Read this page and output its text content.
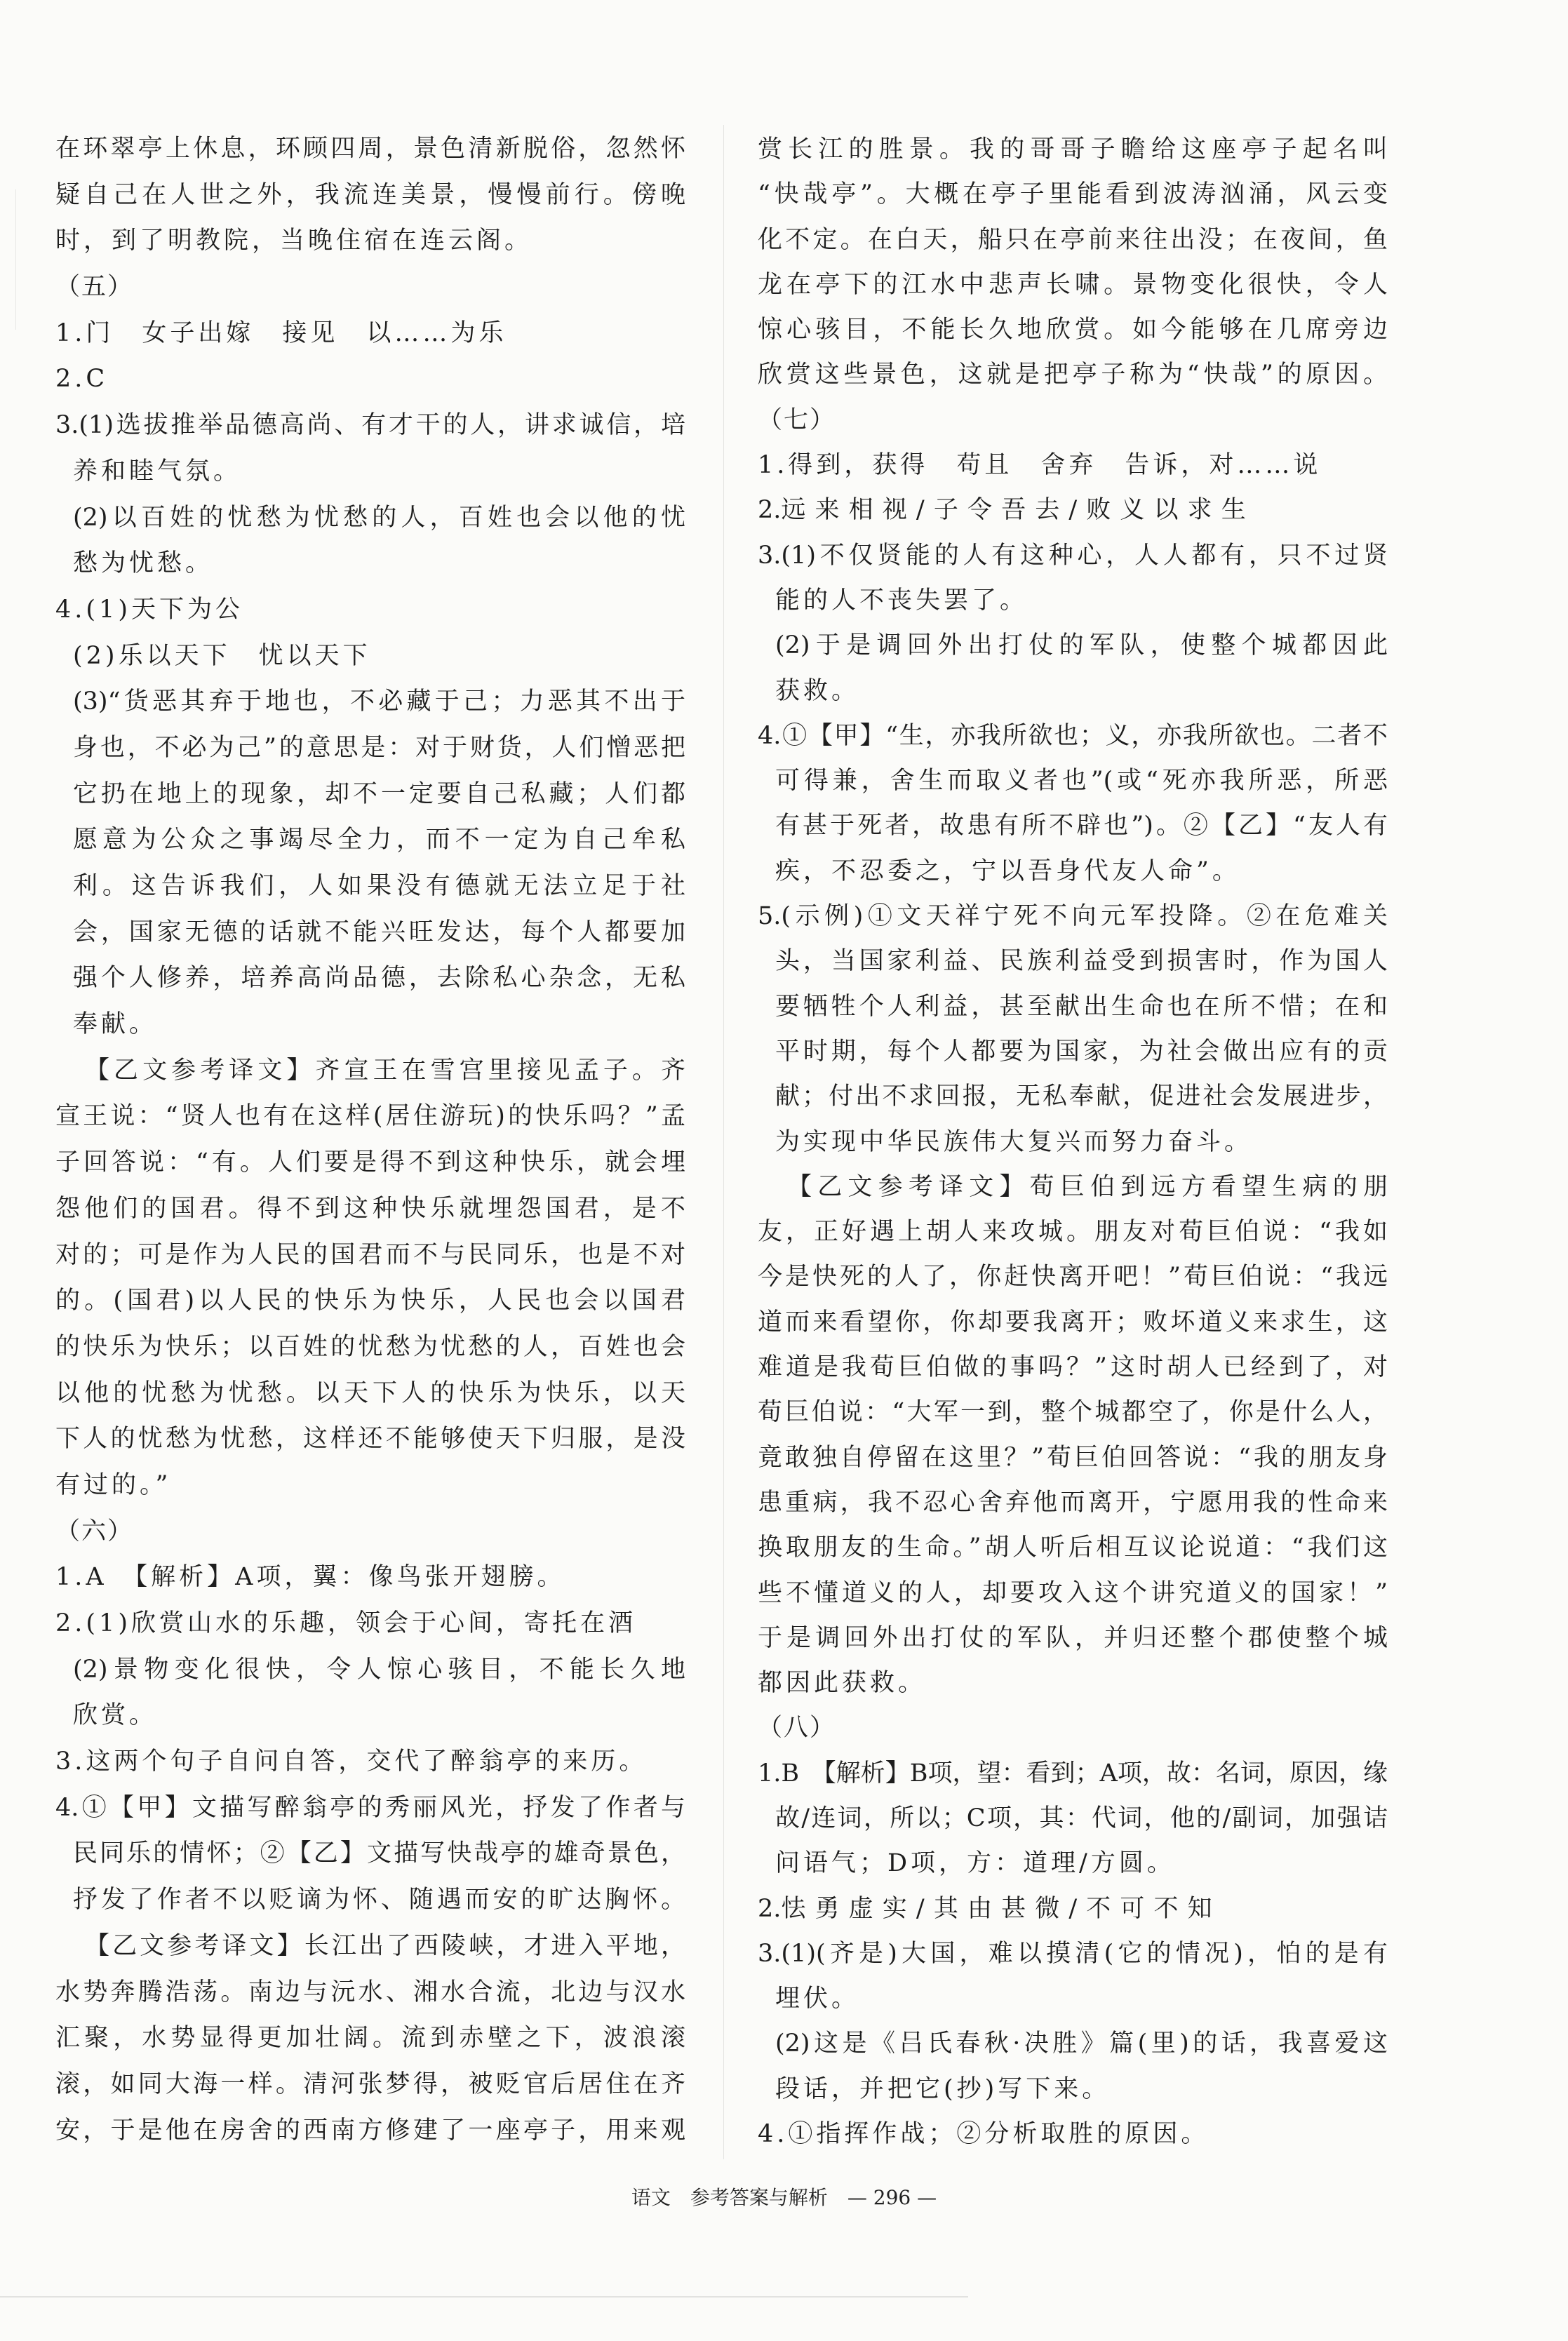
在环翠亭上休息，环顾四周，景色清新脱俗，忽然怀
疑自己在人世之外，我流连美景，慢慢前行。傍晚
时，到了明教院，当晚住宿在连云阁。
（五）
1.门　女子出嫁　接见　以……为乐
2.C
3.(1)选拔推举品德高尚、有才干的人，讲求诚信，培
养和睦气氛。
(2)以百姓的忧愁为忧愁的人，百姓也会以他的忧
愁为忧愁。
4.(1)天下为公
(2)乐以天下　忧以天下
(3)“货恶其弃于地也，不必藏于己；力恶其不出于
身也，不必为己”的意思是：对于财货，人们憎恶把
它扔在地上的现象，却不一定要自己私藏；人们都
愿意为公众之事竭尽全力，而不一定为自己牟私
利。这告诉我们，人如果没有德就无法立足于社
会，国家无德的话就不能兴旺发达，每个人都要加
强个人修养，培养高尚品德，去除私心杂念，无私
奉献。
【乙文参考译文】齐宣王在雪宫里接见孟子。齐
宣王说：“贤人也有在这样(居住游玩)的快乐吗？”孟
子回答说：“有。人们要是得不到这种快乐，就会埋
怨他们的国君。得不到这种快乐就埋怨国君，是不
对的；可是作为人民的国君而不与民同乐，也是不对
的。(国君)以人民的快乐为快乐，人民也会以国君
的快乐为快乐；以百姓的忧愁为忧愁的人，百姓也会
以他的忧愁为忧愁。以天下人的快乐为快乐，以天
下人的忧愁为忧愁，这样还不能够使天下归服，是没
有过的。”
（六）
1.A　【解析】A项，翼：像鸟张开翅膀。
2.(1)欣赏山水的乐趣，领会于心间，寄托在酒
(2)景物变化很快，令人惊心骇目，不能长久地
欣赏。
3.这两个句子自问自答，交代了醉翁亭的来历。
4.①【甲】文描写醉翁亭的秀丽风光，抒发了作者与
民同乐的情怀；②【乙】文描写快哉亭的雄奇景色，
抒发了作者不以贬谪为怀、随遇而安的旷达胸怀。
【乙文参考译文】长江出了西陵峡，才进入平地，
水势奔腾浩荡。南边与沅水、湘水合流，北边与汉水
汇聚，水势显得更加壮阔。流到赤壁之下，波浪滚
滚，如同大海一样。清河张梦得，被贬官后居住在齐
安，于是他在房舍的西南方修建了一座亭子，用来观
赏长江的胜景。我的哥哥子瞻给这座亭子起名叫
“快哉亭”。大概在亭子里能看到波涛汹涌，风云变
化不定。在白天，船只在亭前来往出没；在夜间，鱼
龙在亭下的江水中悲声长啸。景物变化很快，令人
惊心骇目，不能长久地欣赏。如今能够在几席旁边
欣赏这些景色，这就是把亭子称为“快哉”的原因。
（七）
1.得到，获得　苟且　舍弃　告诉，对……说
2.远 来 相 视 / 子 令 吾 去 / 败 义 以 求 生
3.(1)不仅贤能的人有这种心，人人都有，只不过贤
能的人不丧失罢了。
(2)于是调回外出打仗的军队，使整个城都因此
获救。
4.①【甲】“生，亦我所欲也；义，亦我所欲也。二者不
可得兼，舍生而取义者也”(或“死亦我所恶，所恶
有甚于死者，故患有所不辟也”)。②【乙】“友人有
疾，不忍委之，宁以吾身代友人命”。
5.(示例)①文天祥宁死不向元军投降。②在危难关
头，当国家利益、民族利益受到损害时，作为国人
要牺牲个人利益，甚至献出生命也在所不惜；在和
平时期，每个人都要为国家，为社会做出应有的贡
献；付出不求回报，无私奉献，促进社会发展进步，
为实现中华民族伟大复兴而努力奋斗。
【乙文参考译文】荀巨伯到远方看望生病的朋
友，正好遇上胡人来攻城。朋友对荀巨伯说：“我如
今是快死的人了，你赶快离开吧！”荀巨伯说：“我远
道而来看望你，你却要我离开；败坏道义来求生，这
难道是我荀巨伯做的事吗？”这时胡人已经到了，对
荀巨伯说：“大军一到，整个城都空了，你是什么人，
竟敢独自停留在这里？”荀巨伯回答说：“我的朋友身
患重病，我不忍心舍弃他而离开，宁愿用我的性命来
换取朋友的生命。”胡人听后相互议论说道：“我们这
些不懂道义的人，却要攻入这个讲究道义的国家！”
于是调回外出打仗的军队，并归还整个郡使整个城
都因此获救。
（八）
1.B　【解析】B项，望：看到；A项，故：名词，原因，缘
故/连词，所以；C项，其：代词，他的/副词，加强诘
问语气；D项，方：道理/方圆。
2.怯 勇 虚 实 / 其 由 甚 微 / 不 可 不 知
3.(1)(齐是)大国，难以摸清(它的情况)，怕的是有
埋伏。
(2)这是《吕氏春秋·决胜》篇(里)的话，我喜爱这
段话，并把它(抄)写下来。
4.①指挥作战；②分析取胜的原因。
语文 参考答案与解析 — 296 —
